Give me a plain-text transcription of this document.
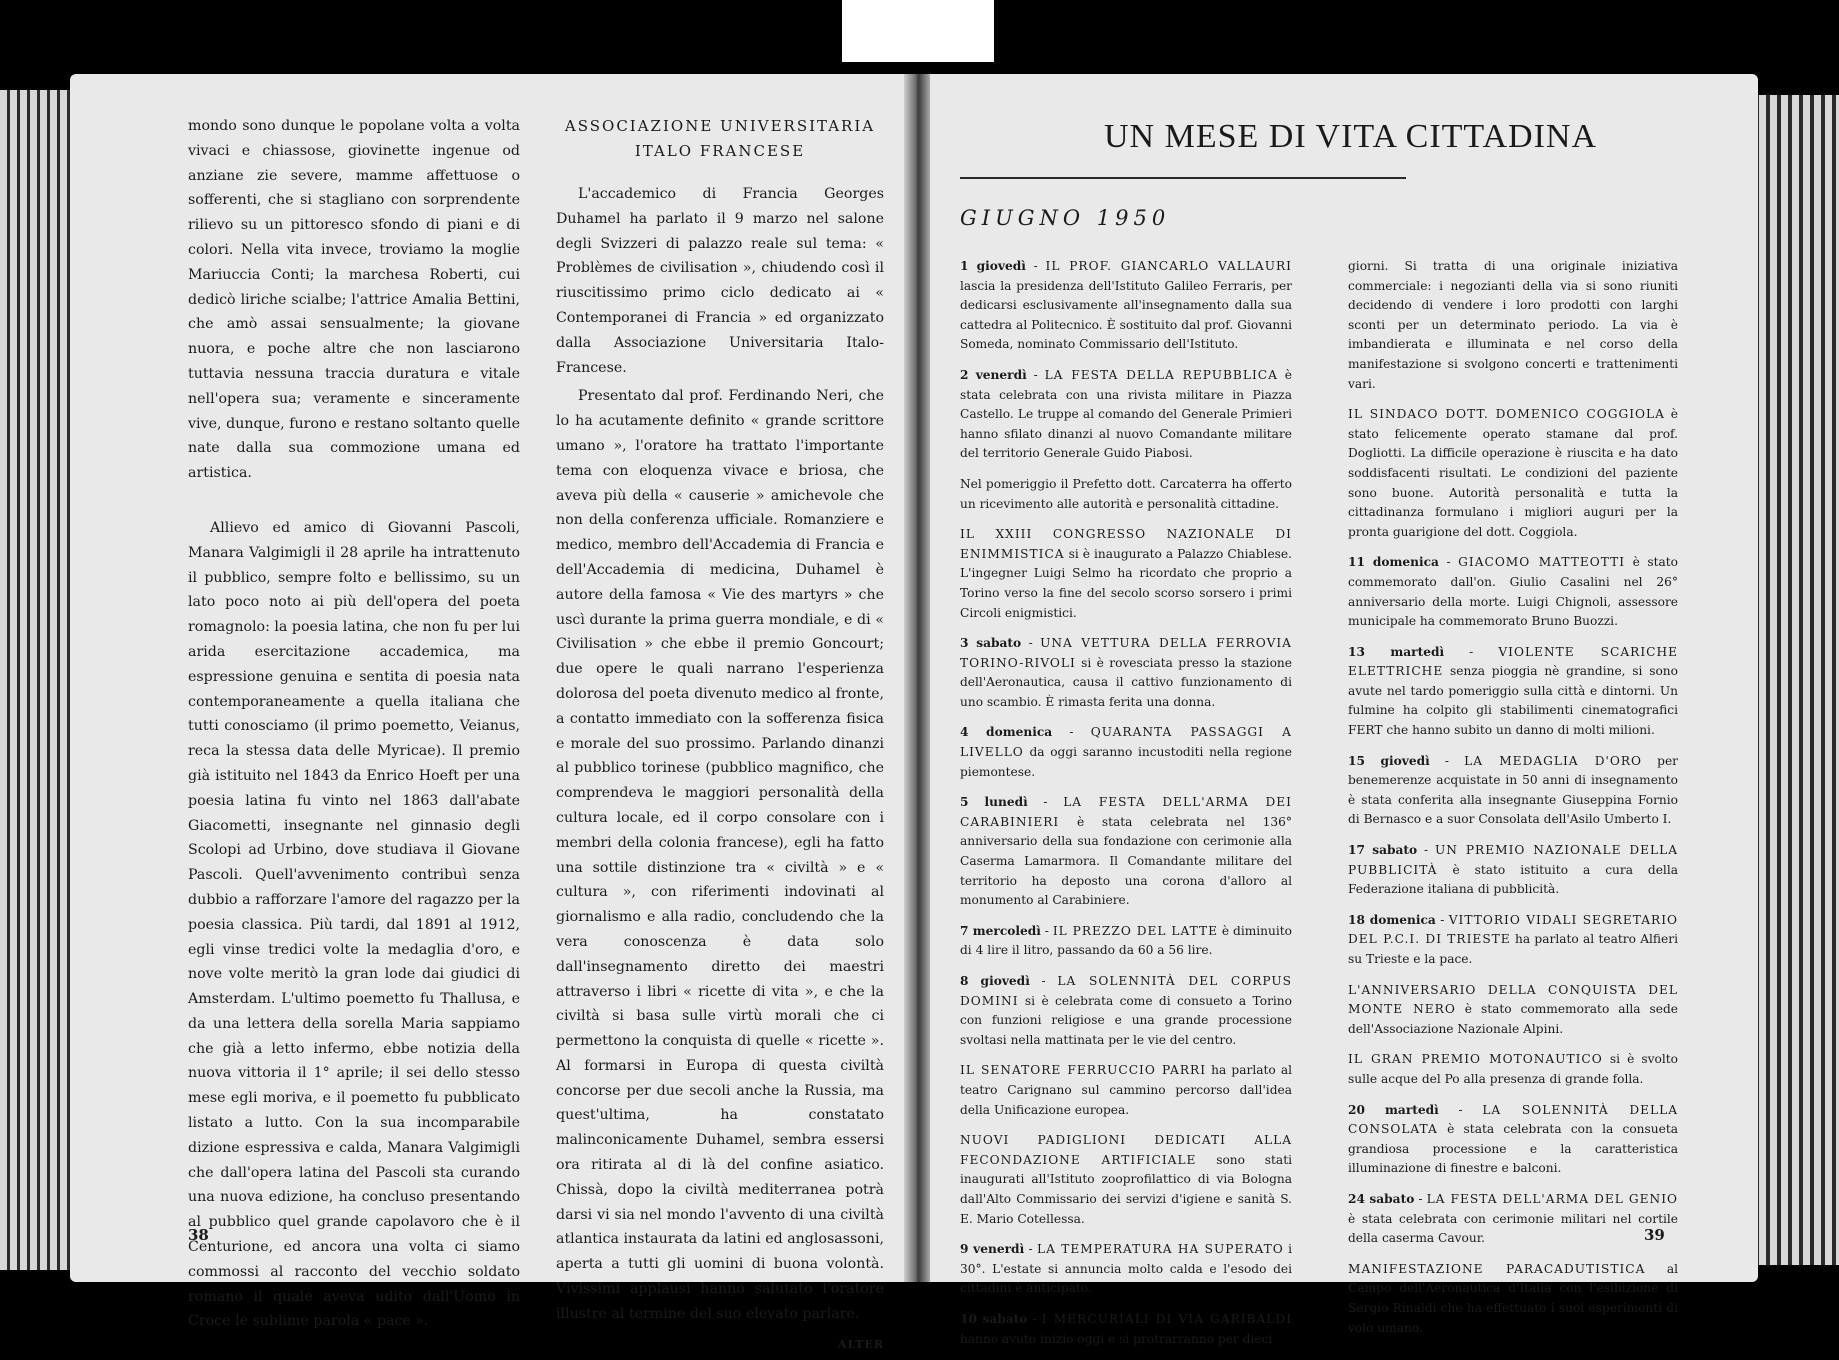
mondo sono dunque le popolane volta a volta vivaci e chiassose, giovinette ingenue od anziane zie severe, mamme affettuose o sofferenti, che si stagliano con sorprendente rilievo su un pittoresco sfondo di piani e di colori. Nella vita invece, troviamo la moglie Mariuccia Conti; la marchesa Roberti, cui dedicò liriche scialbe; l'attrice Amalia Bettini, che amò assai sensualmente; la giovane nuora, e poche altre che non lasciarono tuttavia nessuna traccia duratura e vitale nell'opera sua; veramente e sinceramente vive, dunque, furono e restano soltanto quelle nate dalla sua commozione umana ed artistica.

Allievo ed amico di Giovanni Pascoli, Manara Valgimigli il 28 aprile ha intrattenuto il pubblico, sempre folto e bellissimo, su un lato poco noto ai più dell'opera del poeta romagnolo: la poesia latina, che non fu per lui arida esercitazione accademica, ma espressione genuina e sentita di poesia nata contemporaneamente a quella italiana che tutti conosciamo (il primo poemetto, Veianus, reca la stessa data delle Myricae). Il premio già istituito nel 1843 da Enrico Hoeft per una poesia latina fu vinto nel 1863 dall'abate Giacometti, insegnante nel ginnasio degli Scolopi ad Urbino, dove studiava il Giovane Pascoli. Quell'avvenimento contribuì senza dubbio a rafforzare l'amore del ragazzo per la poesia classica. Più tardi, dal 1891 al 1912, egli vinse tredici volte la medaglia d'oro, e nove volte meritò la gran lode dai giudici di Amsterdam. L'ultimo poemetto fu Thallusa, e da una lettera della sorella Maria sappiamo che già a letto infermo, ebbe notizia della nuova vittoria il 1° aprile; il sei dello stesso mese egli moriva, e il poemetto fu pubblicato listato a lutto. Con la sua incomparabile dizione espressiva e calda, Manara Valgimigli che dall'opera latina del Pascoli sta curando una nuova edizione, ha concluso presentando al pubblico quel grande capolavoro che è il Centurione, ed ancora una volta ci siamo commossi al racconto del vecchio soldato romano il quale aveva udito dall'Uomo in Croce le sublime parola « pace ».

ASSOCIAZIONE UNIVERSITARIA
ITALO FRANCESE

L'accademico di Francia Georges Duhamel ha parlato il 9 marzo nel salone degli Svizzeri di palazzo reale sul tema: « Problèmes de civilisation », chiudendo così il riuscitissimo primo ciclo dedicato ai « Contemporanei di Francia » ed organizzato dalla Associazione Universitaria Italo-Francese.

Presentato dal prof. Ferdinando Neri, che lo ha acutamente definito « grande scrittore umano », l'oratore ha trattato l'importante tema con eloquenza vivace e briosa, che aveva più della « causerie » amichevole che non della conferenza ufficiale. Romanziere e medico, membro dell'Accademia di Francia e dell'Accademia di medicina, Duhamel è autore della famosa « Vie des martyrs » che uscì durante la prima guerra mondiale, e di « Civilisation » che ebbe il premio Goncourt; due opere le quali narrano l'esperienza dolorosa del poeta divenuto medico al fronte, a contatto immediato con la sofferenza fisica e morale del suo prossimo. Parlando dinanzi al pubblico torinese (pubblico magnifico, che comprendeva le maggiori personalità della cultura locale, ed il corpo consolare con i membri della colonia francese), egli ha fatto una sottile distinzione tra « civiltà » e « cultura », con riferimenti indovinati al giornalismo e alla radio, concludendo che la vera conoscenza è data solo dall'insegnamento diretto dei maestri attraverso i libri « ricette di vita », e che la civiltà si basa sulle virtù morali che ci permettono la conquista di quelle « ricette ». Al formarsi in Europa di questa civiltà concorse per due secoli anche la Russia, ma quest'ultima, ha constatato malinconicamente Duhamel, sembra essersi ora ritirata al di là del confine asiatico. Chissà, dopo la civiltà mediterranea potrà darsi vi sia nel mondo l'avvento di una civiltà atlantica instaurata da latini ed anglosassoni, aperta a tutti gli uomini di buona volontà. Vivissimi applausi hanno salutato l'oratore illustre al termine del suo elevato parlare.

ALTER
38
UN MESE DI VITA CITTADINA
GIUGNO 1950
1 giovedì - IL PROF. GIANCARLO VALLAURI lascia la presidenza dell'Istituto Galileo Ferraris, per dedicarsi esclusivamente all'insegnamento dalla sua cattedra al Politecnico. È sostituito dal prof. Giovanni Someda, nominato Commissario dell'Istituto.
2 venerdì - LA FESTA DELLA REPUBBLICA è stata celebrata con una rivista militare in Piazza Castello. Le truppe al comando del Generale Primieri hanno sfilato dinanzi al nuovo Comandante militare del territorio Generale Guido Piabosi.
Nel pomeriggio il Prefetto dott. Carcaterra ha offerto un ricevimento alle autorità e personalità cittadine.
IL XXIII CONGRESSO NAZIONALE DI ENIMMISTICA si è inaugurato a Palazzo Chiablese. L'ingegner Luigi Selmo ha ricordato che proprio a Torino verso la fine del secolo scorso sorsero i primi Circoli enigmistici.
3 sabato - UNA VETTURA DELLA FERROVIA TORINO-RIVOLI si è rovesciata presso la stazione dell'Aeronautica, causa il cattivo funzionamento di uno scambio. È rimasta ferita una donna.
4 domenica - QUARANTA PASSAGGI A LIVELLO da oggi saranno incustoditi nella regione piemontese.
5 lunedì - LA FESTA DELL'ARMA DEI CARABINIERI è stata celebrata nel 136° anniversario della sua fondazione con cerimonie alla Caserma Lamarmora. Il Comandante militare del territorio ha deposto una corona d'alloro al monumento al Carabiniere.
7 mercoledì - IL PREZZO DEL LATTE è diminuito di 4 lire il litro, passando da 60 a 56 lire.
8 giovedì - LA SOLENNITÀ DEL CORPUS DOMINI si è celebrata come di consueto a Torino con funzioni religiose e una grande processione svoltasi nella mattinata per le vie del centro.
IL SENATORE FERRUCCIO PARRI ha parlato al teatro Carignano sul cammino percorso dall'idea della Unificazione europea.
NUOVI PADIGLIONI DEDICATI ALLA FECONDAZIONE ARTIFICIALE sono stati inaugurati all'Istituto zooprofilattico di via Bologna dall'Alto Commissario dei servizi d'igiene e sanità S. E. Mario Cotellessa.
9 venerdì - LA TEMPERATURA HA SUPERATO i 30°. L'estate si annuncia molto calda e l'esodo dei cittadini è anticipato.
10 sabato - I MERCURIALI DI VIA GARIBALDI hanno avuto inizio oggi e si protrarranno per dieci
giorni. Si tratta di una originale iniziativa commerciale: i negozianti della via si sono riuniti decidendo di vendere i loro prodotti con larghi sconti per un determinato periodo. La via è imbandierata e illuminata e nel corso della manifestazione si svolgono concerti e trattenimenti vari.
IL SINDACO DOTT. DOMENICO COGGIOLA è stato felicemente operato stamane dal prof. Dogliotti. La difficile operazione è riuscita e ha dato soddisfacenti risultati. Le condizioni del paziente sono buone. Autorità personalità e tutta la cittadinanza formulano i migliori auguri per la pronta guarigione del dott. Coggiola.
11 domenica - GIACOMO MATTEOTTI è stato commemorato dall'on. Giulio Casalini nel 26° anniversario della morte. Luigi Chignoli, assessore municipale ha commemorato Bruno Buozzi.
13 martedì - VIOLENTE SCARICHE ELETTRICHE senza pioggia nè grandine, si sono avute nel tardo pomeriggio sulla città e dintorni. Un fulmine ha colpito gli stabilimenti cinematografici FERT che hanno subito un danno di molti milioni.
15 giovedì - LA MEDAGLIA D'ORO per benemerenze acquistate in 50 anni di insegnamento è stata conferita alla insegnante Giuseppina Fornio di Bernasco e a suor Consolata dell'Asilo Umberto I.
17 sabato - UN PREMIO NAZIONALE DELLA PUBBLICITÀ è stato istituito a cura della Federazione italiana di pubblicità.
18 domenica - VITTORIO VIDALI SEGRETARIO DEL P.C.I. DI TRIESTE ha parlato al teatro Alfieri su Trieste e la pace.
L'ANNIVERSARIO DELLA CONQUISTA DEL MONTE NERO è stato commemorato alla sede dell'Associazione Nazionale Alpini.
IL GRAN PREMIO MOTONAUTICO si è svolto sulle acque del Po alla presenza di grande folla.
20 martedì - LA SOLENNITÀ DELLA CONSOLATA è stata celebrata con la consueta grandiosa processione e la caratteristica illuminazione di finestre e balconi.
24 sabato - LA FESTA DELL'ARMA DEL GENIO è stata celebrata con cerimonie militari nel cortile della caserma Cavour.
MANIFESTAZIONE PARACADUTISTICA al Campo dell'Aeronautica d'Italia con l'esibizione di Sergio Rinaldi che ha effettuato i suoi esperimenti di volo umano.
39
